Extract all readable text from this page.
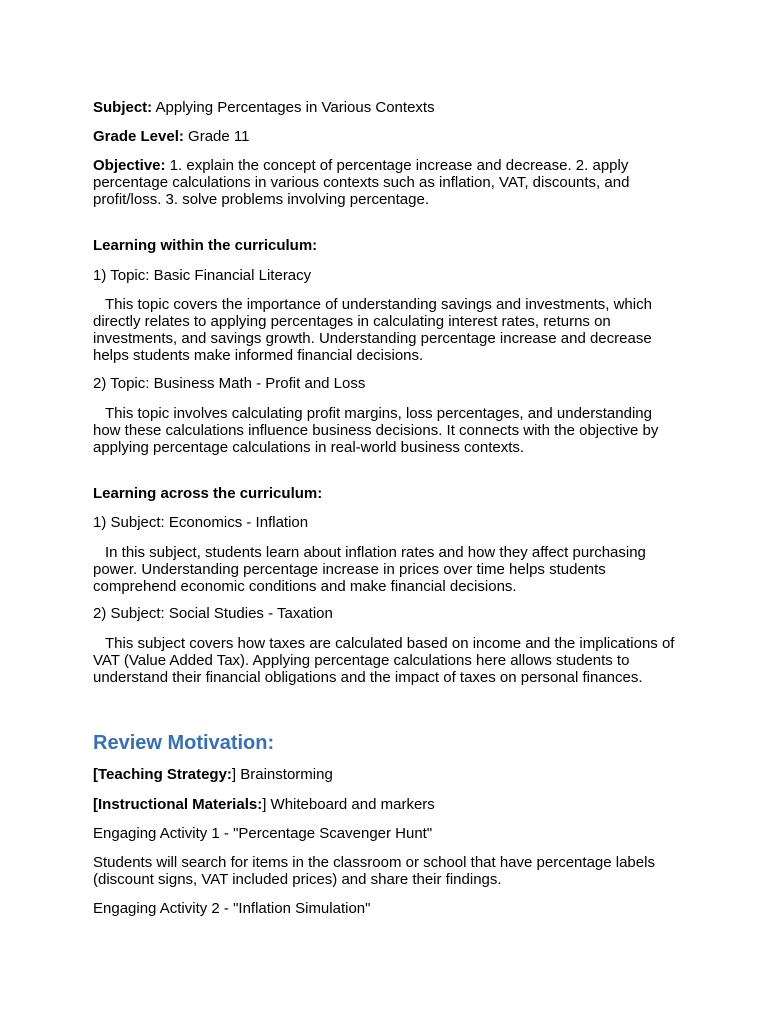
Subject: Applying Percentages in Various Contexts

Grade Level: Grade 11

Objective: 1. explain the concept of percentage increase and decrease. 2. apply percentage calculations in various contexts such as inflation, VAT, discounts, and profit/loss. 3. solve problems involving percentage.

Learning within the curriculum:

1) Topic: Basic Financial Literacy

This topic covers the importance of understanding savings and investments, which directly relates to applying percentages in calculating interest rates, returns on investments, and savings growth. Understanding percentage increase and decrease helps students make informed financial decisions.

2) Topic: Business Math - Profit and Loss

This topic involves calculating profit margins, loss percentages, and understanding how these calculations influence business decisions. It connects with the objective by applying percentage calculations in real-world business contexts.

Learning across the curriculum:

1) Subject: Economics - Inflation

In this subject, students learn about inflation rates and how they affect purchasing power. Understanding percentage increase in prices over time helps students comprehend economic conditions and make financial decisions.

2) Subject: Social Studies - Taxation

This subject covers how taxes are calculated based on income and the implications of VAT (Value Added Tax). Applying percentage calculations here allows students to understand their financial obligations and the impact of taxes on personal finances.

Review Motivation:

[Teaching Strategy:] Brainstorming

[Instructional Materials:] Whiteboard and markers

Engaging Activity 1 - "Percentage Scavenger Hunt"

Students will search for items in the classroom or school that have percentage labels (discount signs, VAT included prices) and share their findings.

Engaging Activity 2 - "Inflation Simulation"
